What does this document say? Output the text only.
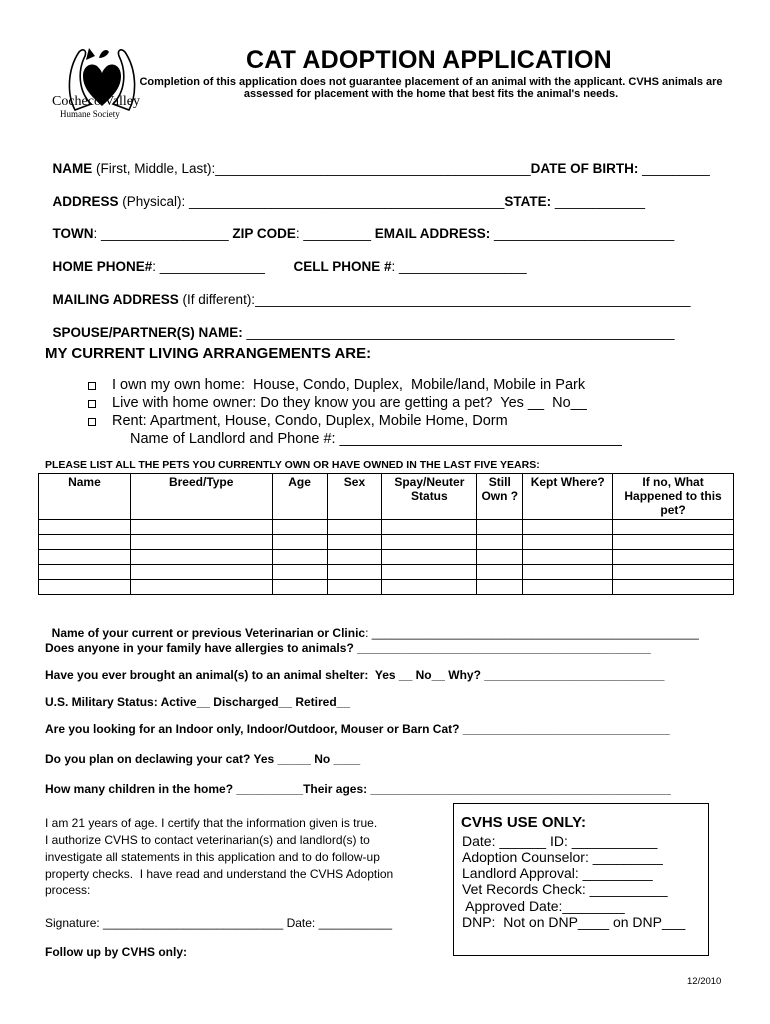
Cocheco Valley

Humane Society

CAT ADOPTION APPLICATION
Completion of this application does not guarantee placement of an animal with the applicant. CVHS animals are assessed for placement with the home that best fits the animal's needs.

NAME (First, Middle, Last):__________________________________________DATE OF BIRTH: _________

ADDRESS (Physical): __________________________________________STATE: ____________

TOWN: _________________ ZIP CODE: _________ EMAIL ADDRESS: ________________________

HOME PHONE#: ______________	CELL PHONE #: _________________

MAILING ADDRESS (If different):__________________________________________________________

SPOUSE/PARTNER(S) NAME: _________________________________________________________

MY CURRENT LIVING ARRANGEMENTS ARE:
I own my own home:  House, Condo, Duplex,  Mobile/land, Mobile in Park
Live with home owner: Do they know you are getting a pet?  Yes __  No__
Rent: Apartment, House, Condo, Duplex, Mobile Home, Dorm
Name of Landlord and Phone #: ___________________________________
PLEASE LIST ALL THE PETS YOU CURRENTLY OWN OR HAVE OWNED IN THE LAST FIVE YEARS:
Name	Breed/Type	Age	Sex	Spay/Neuter Status	Still Own ?	Kept Where?	If no, What Happened to this pet?

Name of your current or previous Veterinarian or Clinic: _________________________________________________

Does anyone in your family have allergies to animals? ____________________________________________
Have you ever brought an animal(s) to an animal shelter:  Yes __ No__ Why? ___________________________
U.S. Military Status: Active__ Discharged__ Retired__
Are you looking for an Indoor only, Indoor/Outdoor, Mouser or Barn Cat? _______________________________
Do you plan on declawing your cat? Yes _____ No ____
How many children in the home? __________Their ages: _____________________________________________
I am 21 years of age. I certify that the information given is true.
I authorize CVHS to contact veterinarian(s) and landlord(s) to
investigate all statements in this application and to do follow-up
property checks.  I have read and understand the CVHS Adoption
process:
Signature: ___________________________ Date: ___________
Follow up by CVHS only:
CVHS USE ONLY:
Date: ______ ID: ___________
Adoption Counselor: _________
Landlord Approval: _________
Vet Records Check: __________
Approved Date:________
DNP:  Not on DNP____ on DNP___
12/2010
